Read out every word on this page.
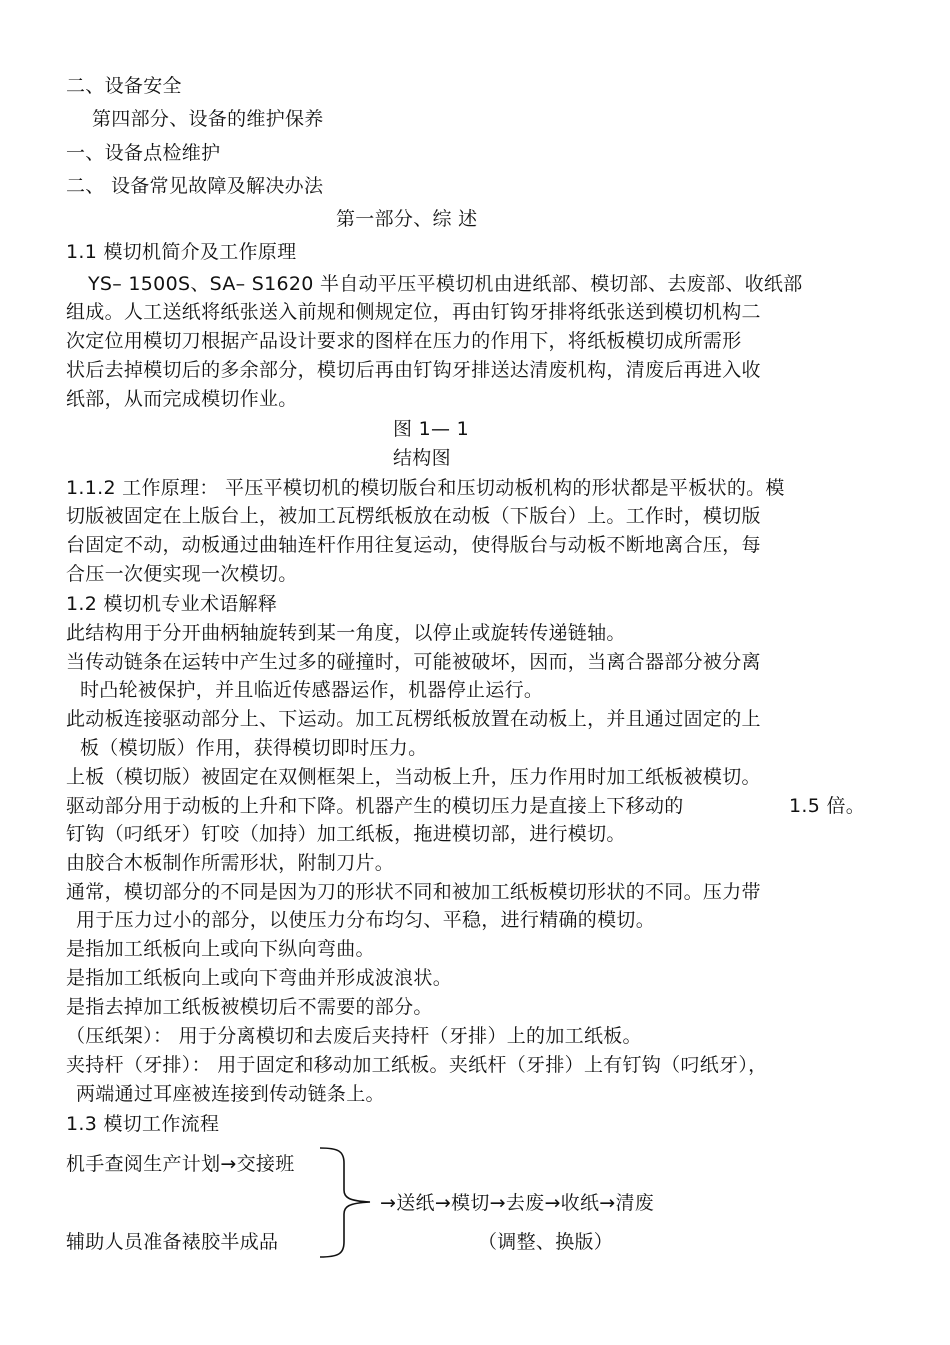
二、设备安全
第四部分、设备的维护保养
一、设备点检维护
二、 设备常见故障及解决办法
第一部分、综 述
1.1 模切机简介及工作原理
YS– 1500S、SA– S1620 半自动平压平模切机由进纸部、模切部、去废部、收纸部
组成。人工送纸将纸张送入前规和侧规定位，再由钉钩牙排将纸张送到模切机构二
次定位用模切刀根据产品设计要求的图样在压力的作用下，将纸板模切成所需形
状后去掉模切后的多余部分，模切后再由钉钩牙排送达清废机构，清废后再进入收
纸部，从而完成模切作业。
图 1— 1
结构图
1.1.2 工作原理： 平压平模切机的模切版台和压切动板机构的形状都是平板状的。模
切版被固定在上版台上，被加工瓦楞纸板放在动板（下版台）上。工作时，模切版
台固定不动，动板通过曲轴连杆作用往复运动，使得版台与动板不断地离合压，每
合压一次便实现一次模切。
1.2 模切机专业术语解释
此结构用于分开曲柄轴旋转到某一角度，以停止或旋转传递链轴。
当传动链条在运转中产生过多的碰撞时，可能被破坏，因而，当离合器部分被分离
时凸轮被保护，并且临近传感器运作，机器停止运行。
此动板连接驱动部分上、下运动。加工瓦楞纸板放置在动板上，并且通过固定的上
板（模切版）作用，获得模切即时压力。
上板（模切版）被固定在双侧框架上，当动板上升，压力作用时加工纸板被模切。
驱动部分用于动板的上升和下降。机器产生的模切压力是直接上下移动的	1.5 倍。
钉钩（叼纸牙）钉咬（加持）加工纸板，拖进模切部，进行模切。
由胶合木板制作所需形状，附制刀片。
通常，模切部分的不同是因为刀的形状不同和被加工纸板模切形状的不同。压力带
用于压力过小的部分，以使压力分布均匀、平稳，进行精确的模切。
是指加工纸板向上或向下纵向弯曲。
是指加工纸板向上或向下弯曲并形成波浪状。
是指去掉加工纸板被模切后不需要的部分。
（压纸架）： 用于分离模切和去废后夹持杆（牙排）上的加工纸板。
夹持杆（牙排）： 用于固定和移动加工纸板。夹纸杆（牙排）上有钉钩（叼纸牙），
两端通过耳座被连接到传动链条上。
1.3 模切工作流程
机手查阅生产计划→交接班
辅助人员准备裱胶半成品
→送纸→模切→去废→收纸→清废
（调整、换版）
